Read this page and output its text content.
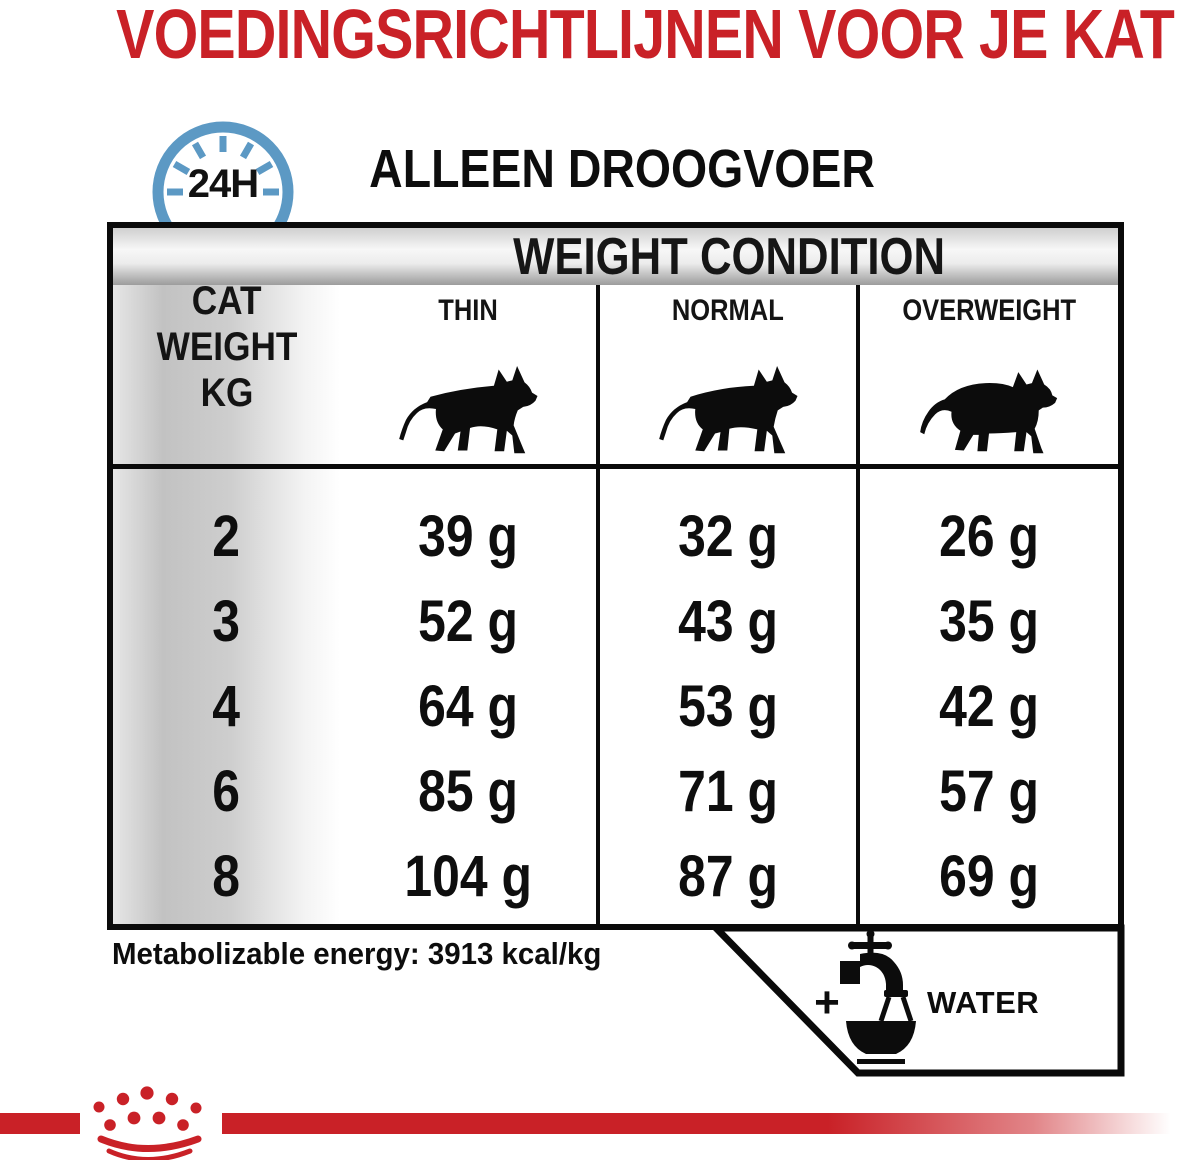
VOEDINGSRICHTLIJNEN VOOR JE KAT
24H	ALLEEN DROOGVOER
WEIGHT CONDITION
CAT
WEIGHT
KG
THIN	NORMAL	OVERWEIGHT
2	39 g	32 g	26 g
3	52 g	43 g	35 g
4	64 g	53 g	42 g
6	85 g	71 g	57 g
8	104 g	87 g	69 g
Metabolizable energy: 3913 kcal/kg
+	WATER
